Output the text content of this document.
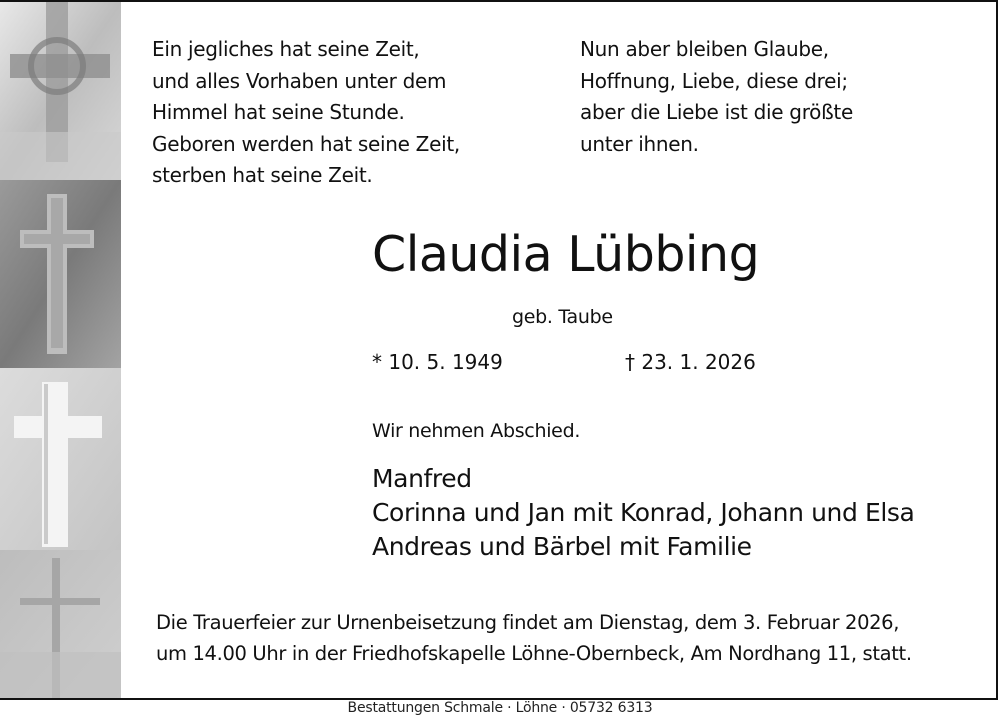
Ein jegliches hat seine Zeit,
und alles Vorhaben unter dem
Himmel hat seine Stunde.
Geboren werden hat seine Zeit,
sterben hat seine Zeit.

Nun aber bleiben Glaube,
Hoffnung, Liebe, diese drei;
aber die Liebe ist die größte
unter ihnen.

Claudia Lübbing
geb. Taube
* 10. 5. 1949	† 23. 1. 2026
Wir nehmen Abschied.
Manfred
Corinna und Jan mit Konrad, Johann und Elsa
Andreas und Bärbel mit Familie

Die Trauerfeier zur Urnenbeisetzung findet am Dienstag, dem 3. Februar 2026,
um 14.00 Uhr in der Friedhofskapelle Löhne-Obernbeck, Am Nordhang 11, statt.

Bestattungen Schmale · Löhne · 05732 6313
